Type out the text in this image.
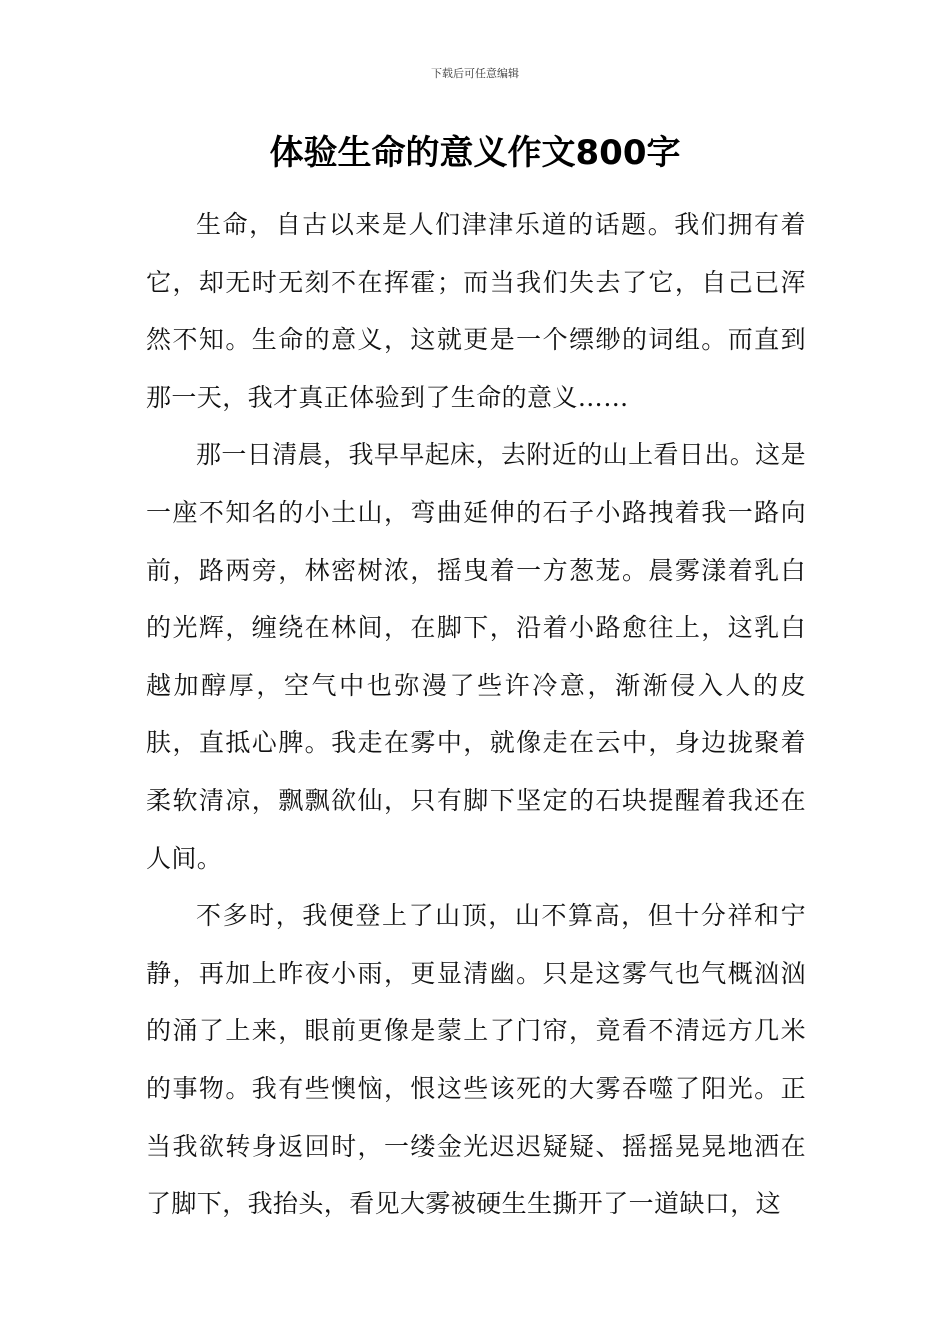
下载后可任意编辑
体验生命的意义作文800字

生命，自古以来是人们津津乐道的话题。我们拥有着它，却无时无刻不在挥霍；而当我们失去了它，自己已浑然不知。生命的意义，这就更是一个缥缈的词组。而直到那一天，我才真正体验到了生命的意义……

那一日清晨，我早早起床，去附近的山上看日出。这是一座不知名的小土山，弯曲延伸的石子小路拽着我一路向前，路两旁，林密树浓，摇曳着一方葱茏。晨雾漾着乳白的光辉，缠绕在林间，在脚下，沿着小路愈往上，这乳白越加醇厚，空气中也弥漫了些许冷意，渐渐侵入人的皮肤，直抵心脾。我走在雾中，就像走在云中，身边拢聚着柔软清凉，飘飘欲仙，只有脚下坚定的石块提醒着我还在人间。

不多时，我便登上了山顶，山不算高，但十分祥和宁静，再加上昨夜小雨，更显清幽。只是这雾气也气概汹汹的涌了上来，眼前更像是蒙上了门帘，竟看不清远方几米的事物。我有些懊恼，恨这些该死的大雾吞噬了阳光。正当我欲转身返回时，一缕金光迟迟疑疑、摇摇晃晃地洒在了脚下，我抬头，看见大雾被硬生生撕开了一道缺口，这
